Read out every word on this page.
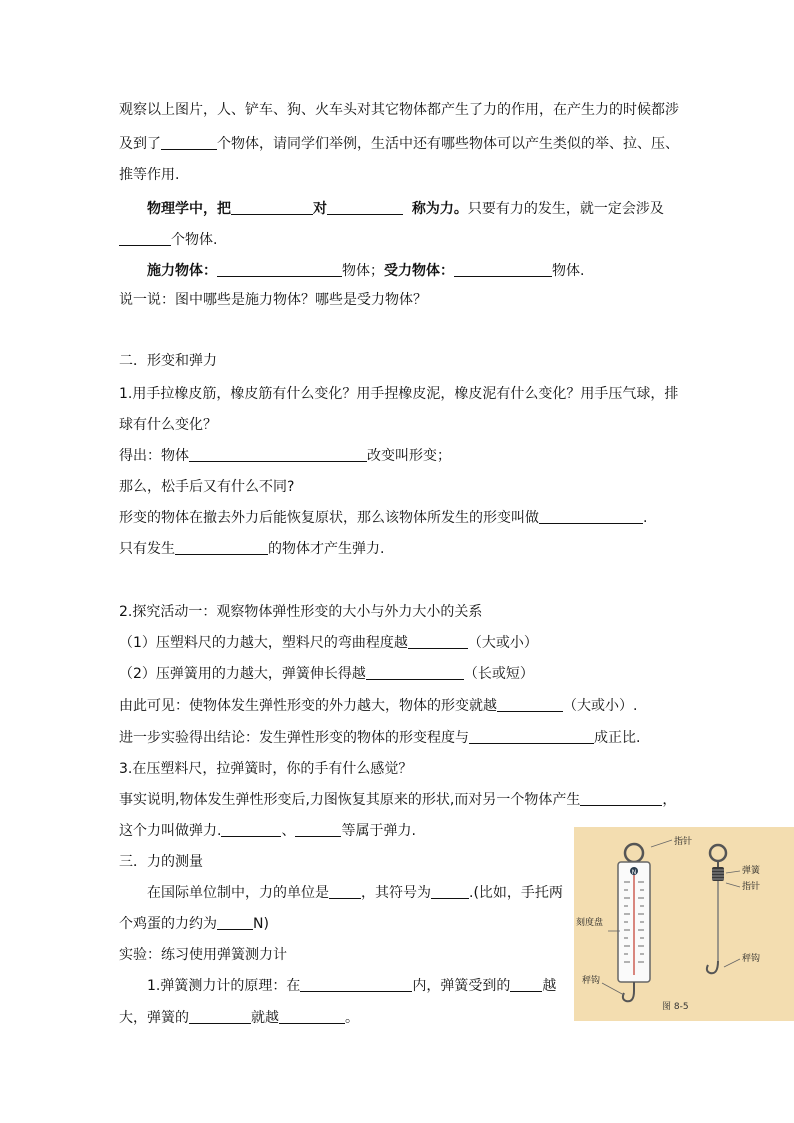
观察以上图片，人、铲车、狗、火车头对其它物体都产生了力的作用，在产生力的时候都涉
及到了	个物体，请同学们举例，生活中还有哪些物体可以产生类似的举、拉、压、
推等作用.
物理学中，把	对	称为力。只要有力的发生，就一定会涉及
个物体.
施力物体：	物体；受力物体：	物体.
说一说：图中哪些是施力物体？哪些是受力物体？
二．形变和弹力
1.用手拉橡皮筋，橡皮筋有什么变化？用手捏橡皮泥，橡皮泥有什么变化？用手压气球，排
球有什么变化？
得出：物体	改变叫形变；
那么，松手后又有什么不同?
形变的物体在撤去外力后能恢复原状，那么该物体所发生的形变叫做	.
只有发生	的物体才产生弹力.
2.探究活动一：观察物体弹性形变的大小与外力大小的关系
（1）压塑料尺的力越大，塑料尺的弯曲程度越	（大或小）
（2）压弹簧用的力越大，弹簧伸长得越	（长或短）
由此可见：使物体发生弹性形变的外力越大，物体的形变就越	（大或小）.
进一步实验得出结论：发生弹性形变的物体的形变程度与	成正比.
3.在压塑料尺，拉弹簧时，你的手有什么感觉？
事实说明,物体发生弹性形变后,力图恢复其原来的形状,而对另一个物体产生	，
这个力叫做弹力.	、	等属于弹力.
三．力的测量
在国际单位制中，力的单位是 ，其符号为	.(比如，手托两
个鸡蛋的力约为	N)
实验：练习使用弹簧测力计
1.弹簧测力计的原理：在	内，弹簧受到的 越
大，弹簧的	就越	。
N
指针
刻度盘
秤钩
弹簧
指针
秤钩
图 8-5
